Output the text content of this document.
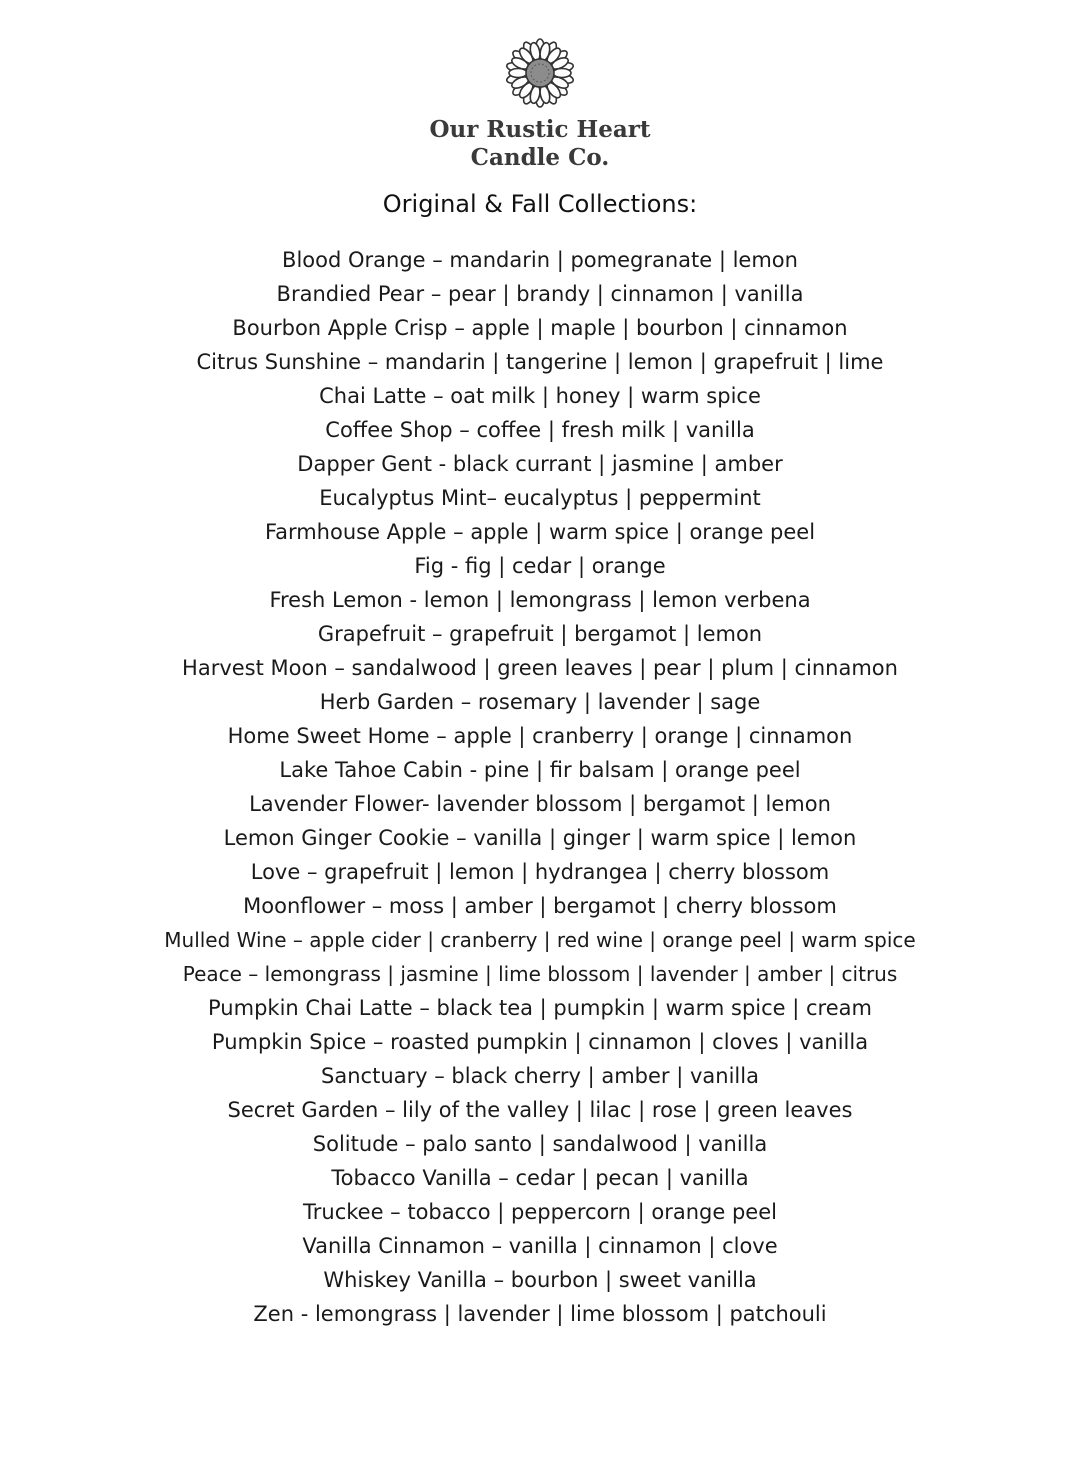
Our Rustic Heart
Candle Co.
Original & Fall Collections:
Blood Orange – mandarin | pomegranate | lemon
Brandied Pear – pear | brandy | cinnamon | vanilla
Bourbon Apple Crisp – apple | maple | bourbon | cinnamon
Citrus Sunshine – mandarin | tangerine | lemon | grapefruit | lime
Chai Latte – oat milk | honey | warm spice
Coffee Shop – coffee | fresh milk | vanilla
Dapper Gent - black currant | jasmine | amber
Eucalyptus Mint– eucalyptus | peppermint
Farmhouse Apple – apple | warm spice | orange peel
Fig - fig | cedar | orange
Fresh Lemon - lemon | lemongrass | lemon verbena
Grapefruit – grapefruit | bergamot | lemon
Harvest Moon – sandalwood | green leaves | pear | plum | cinnamon
Herb Garden – rosemary | lavender | sage
Home Sweet Home – apple | cranberry | orange | cinnamon
Lake Tahoe Cabin - pine | fir balsam | orange peel
Lavender Flower- lavender blossom | bergamot | lemon
Lemon Ginger Cookie – vanilla | ginger | warm spice | lemon
Love – grapefruit | lemon | hydrangea | cherry blossom
Moonflower – moss | amber | bergamot | cherry blossom
Mulled Wine – apple cider | cranberry | red wine | orange peel | warm spice
Peace – lemongrass | jasmine | lime blossom | lavender | amber | citrus
Pumpkin Chai Latte – black tea | pumpkin | warm spice | cream
Pumpkin Spice – roasted pumpkin | cinnamon | cloves | vanilla
Sanctuary – black cherry | amber | vanilla
Secret Garden – lily of the valley | lilac | rose | green leaves
Solitude – palo santo | sandalwood | vanilla
Tobacco Vanilla – cedar | pecan | vanilla
Truckee – tobacco | peppercorn | orange peel
Vanilla Cinnamon – vanilla | cinnamon | clove
Whiskey Vanilla – bourbon | sweet vanilla
Zen - lemongrass | lavender | lime blossom | patchouli
